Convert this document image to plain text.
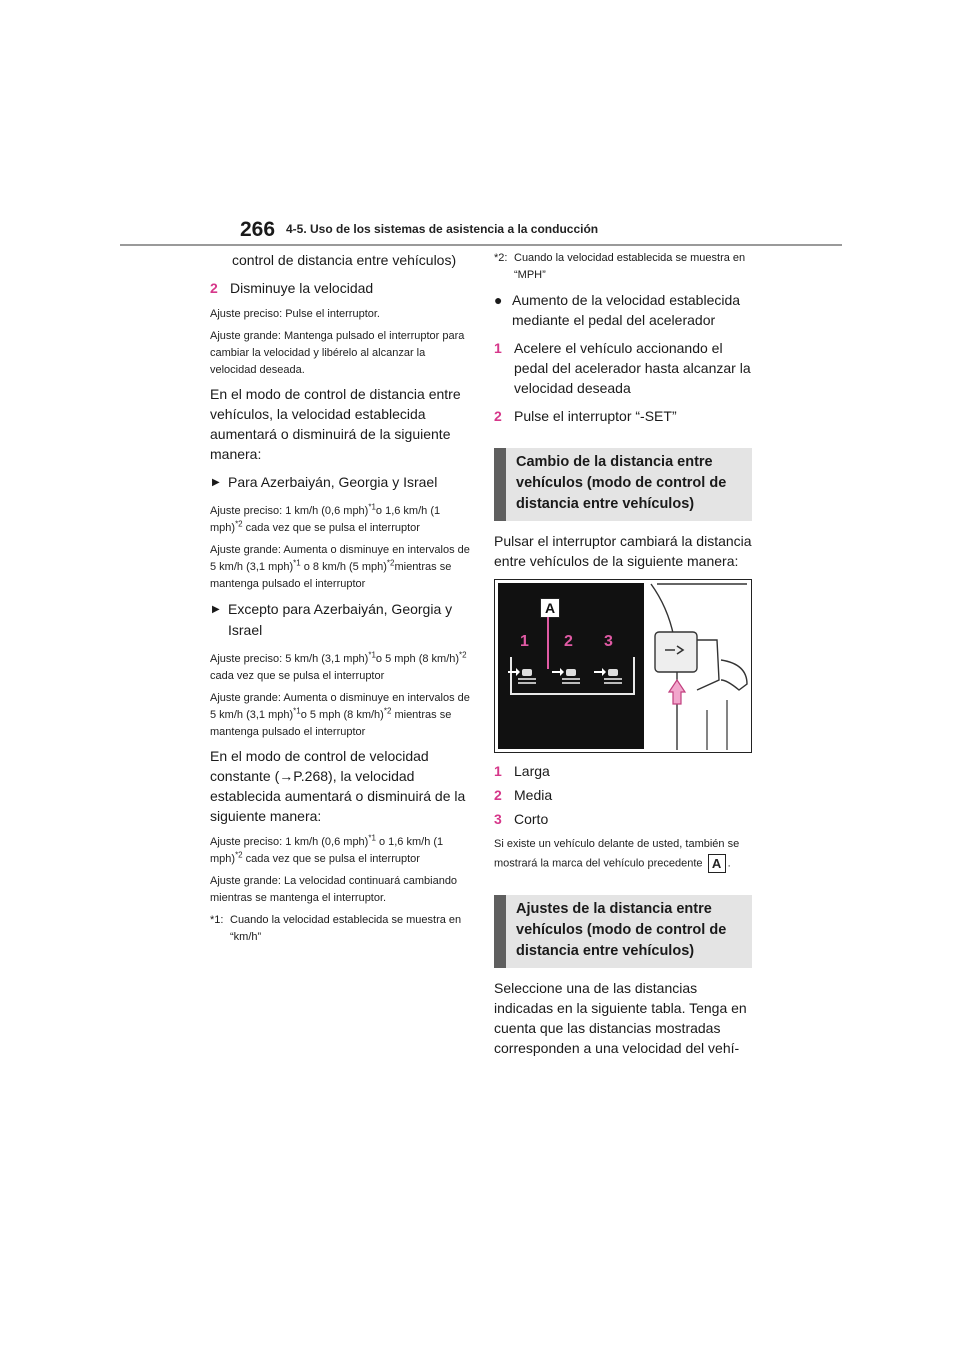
266 4-5. Uso de los sistemas de asistencia a la conducción

control de distancia entre vehículos)

2 Disminuye la velocidad

Ajuste preciso: Pulse el interruptor.

Ajuste grande: Mantenga pulsado el interruptor para cambiar la velocidad y libérelo al alcanzar la velocidad deseada.

En el modo de control de distancia entre vehículos, la velocidad establecida aumentará o disminuirá de la siguiente manera:

▶ Para Azerbaiyán, Georgia y Israel

Ajuste preciso: 1 km/h (0,6 mph)$^{*1}$o 1,6 km/h (1 mph)$^{*2}$ cada vez que se pulsa el interruptor

Ajuste grande: Aumenta o disminuye en intervalos de 5 km/h (3,1 mph)$^{*1}$ o 8 km/h (5 mph)$^{*2}$mientras se mantenga pulsado el interruptor

▶ Excepto para Azerbaiyán, Georgia y Israel

Ajuste preciso: 5 km/h (3,1 mph)$^{*1}$o 5 mph (8 km/h)$^{*2}$ cada vez que se pulsa el interruptor

Ajuste grande: Aumenta o disminuye en intervalos de 5 km/h (3,1 mph)$^{*1}$o 5 mph (8 km/h)$^{*2}$ mientras se mantenga pulsado el interruptor

En el modo de control de velocidad constante (→P.268), la velocidad establecida aumentará o disminuirá de la siguiente manera:

Ajuste preciso: 1 km/h (0,6 mph)$^{*1}$ o 1,6 km/h (1 mph)$^{*2}$ cada vez que se pulsa el interruptor

Ajuste grande: La velocidad continuará cambiando mientras se mantenga el interruptor.

*1: Cuando la velocidad establecida se muestra en “km/h”
*2: Cuando la velocidad establecida se muestra en “MPH”
● Aumento de la velocidad establecida mediante el pedal del acelerador
1 Acelere el vehículo accionando el pedal del acelerador hasta alcanzar la velocidad deseada
2 Pulse el interruptor “-SET”
Cambio de la distancia entre vehículos (modo de control de distancia entre vehículos)

Pulsar el interruptor cambiará la distancia entre vehículos de la siguiente manera:

A
1 2 3
1 Larga
2 Media
3 Corto

Si existe un vehículo delante de usted, también se mostrará la marca del vehículo precedente A .

Ajustes de la distancia entre vehículos (modo de control de distancia entre vehículos)

Seleccione una de las distancias indicadas en la siguiente tabla. Tenga en cuenta que las distancias mostradas corresponden a una velocidad del vehí-
